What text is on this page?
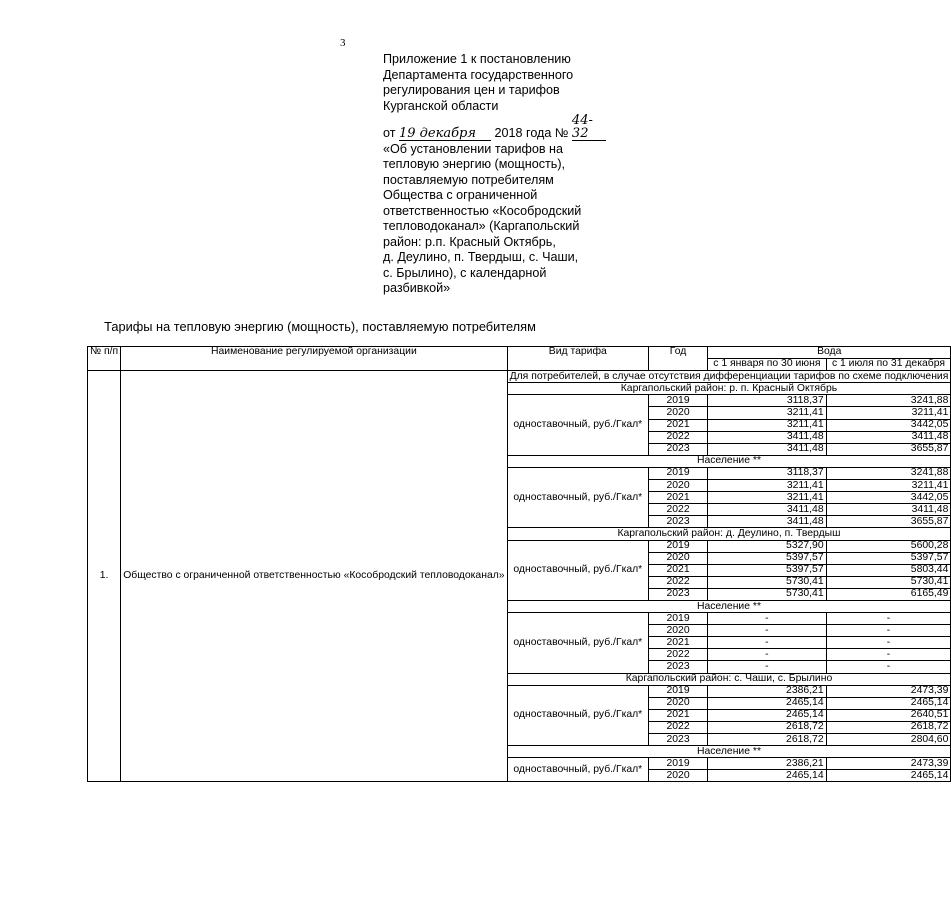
3
Приложение 1 к постановлению
Департамента государственного
регулирования цен и тарифов
Курганской области
от 19 декабря 2018 года № 44-32
«Об установлении тарифов на
тепловую энергию (мощность),
поставляемую потребителям
Общества с ограниченной
ответственностью «Кособродский
тепловодоканал» (Каргапольский
район: р.п. Красный Октябрь,
д. Деулино, п. Твердыш, с. Чаши,
с. Брылино), с календарной
разбивкой»
Тарифы на тепловую энергию (мощность), поставляемую потребителям
№ п/п	Наименование регулируемой организации	Вид тарифа	Год	Вода	
				с 1 января по 30 июня	с 1 июля по 31 декабря

1.	Общество с ограниченной ответственностью «Кособродский тепловодоканал»	Для потребителей, в случае отсутствия дифференциации тарифов по схеме подключения			
		Каргапольский район: р. п. Красный Октябрь			
		одноставочный, руб./Гкал*	2019	3118,37	3241,88
			2020	3211,41	3211,41
			2021	3211,41	3442,05
			2022	3411,48	3411,48
			2023	3411,48	3655,87
		Население **			
		одноставочный, руб./Гкал*	2019	3118,37	3241,88
			2020	3211,41	3211,41
			2021	3211,41	3442,05
			2022	3411,48	3411,48
			2023	3411,48	3655,87
		Каргапольский район: д. Деулино, п. Твердыш			
		одноставочный, руб./Гкал*	2019	5327,90	5600,28
			2020	5397,57	5397,57
			2021	5397,57	5803,44
			2022	5730,41	5730,41
			2023	5730,41	6165,49
		Население **			
		одноставочный, руб./Гкал*	2019	-	-
			2020	-	-
			2021	-	-
			2022	-	-
			2023	-	-
		Каргапольский район: с. Чаши, с. Брылино			
		одноставочный, руб./Гкал*	2019	2386,21	2473,39
			2020	2465,14	2465,14
			2021	2465,14	2640,51
			2022	2618,72	2618,72
			2023	2618,72	2804,60
		Население **			
		одноставочный, руб./Гкал*	2019	2386,21	2473,39
			2020	2465,14	2465,14
